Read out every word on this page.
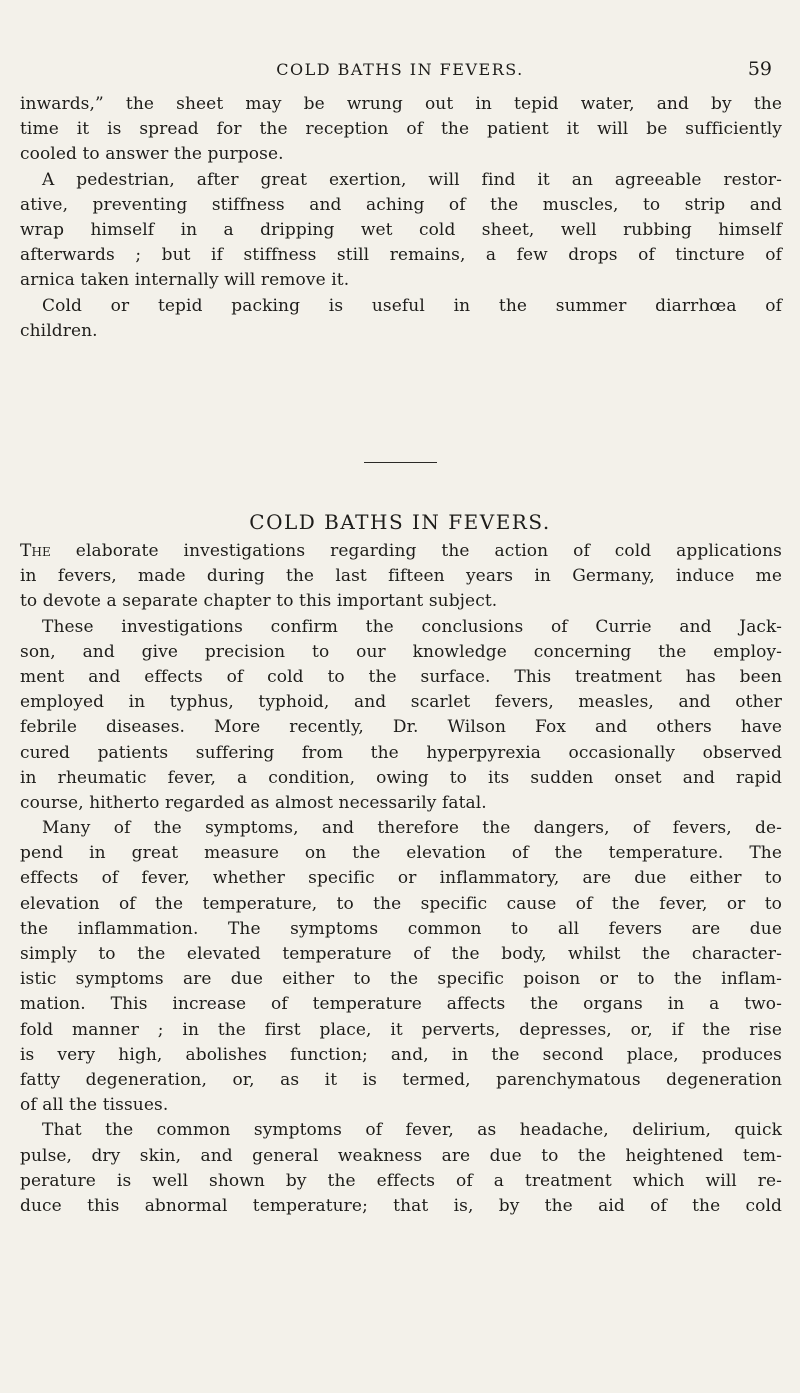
COLD BATHS IN FEVERS.	59
inwards,” the sheet may be wrung out in tepid water, and by the
time it is spread for the reception of the patient it will be sufficiently
cooled to answer the purpose.
A pedestrian, after great exertion, will find it an agreeable restor-
ative, preventing stiffness and aching of the muscles, to strip and
wrap himself in a dripping wet cold sheet, well rubbing himself
afterwards ; but if stiffness still remains, a few drops of tincture of
arnica taken internally will remove it.
Cold or tepid packing is useful in the summer diarrhœa of
children.
COLD BATHS IN FEVERS.
The elaborate investigations regarding the action of cold applications
in fevers, made during the last fifteen years in Germany, induce me
to devote a separate chapter to this important subject.
These investigations confirm the conclusions of Currie and Jack-
son, and give precision to our knowledge concerning the employ-
ment and effects of cold to the surface. This treatment has been
employed in typhus, typhoid, and scarlet fevers, measles, and other
febrile diseases. More recently, Dr. Wilson Fox and others have
cured patients suffering from the hyperpyrexia occasionally observed
in rheumatic fever, a condition, owing to its sudden onset and rapid
course, hitherto regarded as almost necessarily fatal.
Many of the symptoms, and therefore the dangers, of fevers, de-
pend in great measure on the elevation of the temperature. The
effects of fever, whether specific or inflammatory, are due either to
elevation of the temperature, to the specific cause of the fever, or to
the inflammation. The symptoms common to all fevers are due
simply to the elevated temperature of the body, whilst the character-
istic symptoms are due either to the specific poison or to the inflam-
mation. This increase of temperature affects the organs in a two-
fold manner ; in the first place, it perverts, depresses, or, if the rise
is very high, abolishes function; and, in the second place, produces
fatty degeneration, or, as it is termed, parenchymatous degeneration
of all the tissues.
That the common symptoms of fever, as headache, delirium, quick
pulse, dry skin, and general weakness are due to the heightened tem-
perature is well shown by the effects of a treatment which will re-
duce this abnormal temperature; that is, by the aid of the cold
